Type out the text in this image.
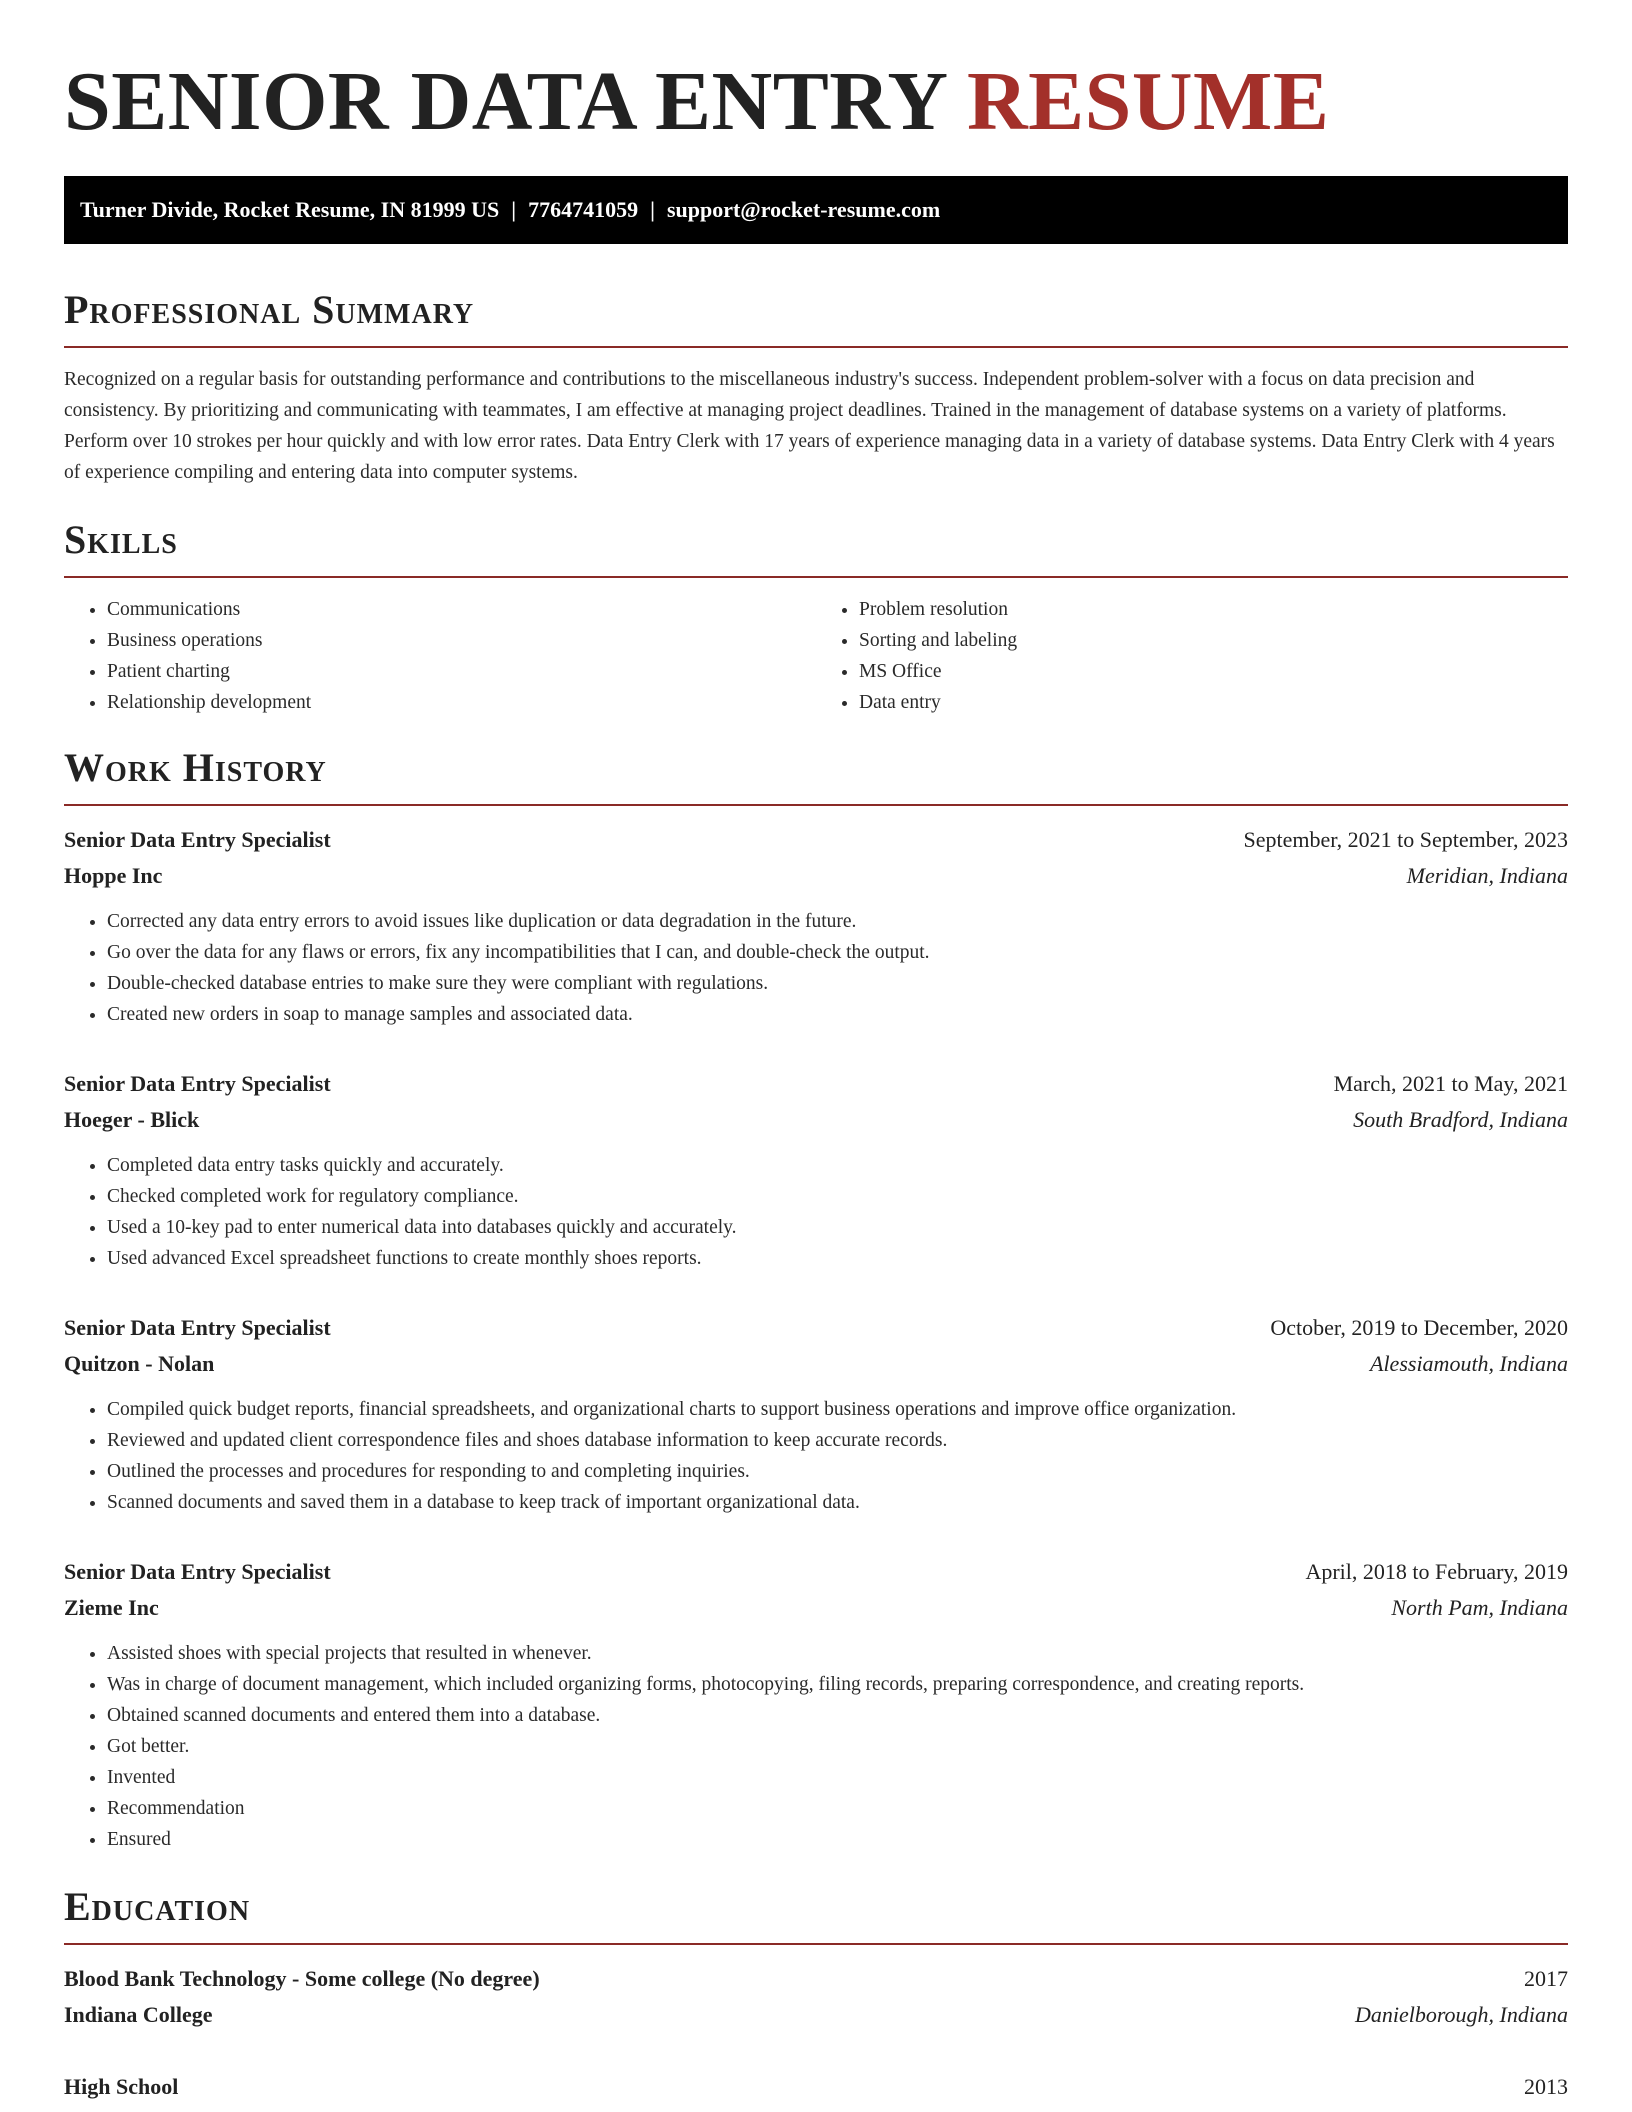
SENIOR DATA ENTRY RESUME
Turner Divide, Rocket Resume, IN 81999 US | 7764741059 | support@rocket-resume.com
Professional Summary

Recognized on a regular basis for outstanding performance and contributions to the miscellaneous industry's success. Independent problem-solver with a focus on data precision and consistency. By prioritizing and communicating with teammates, I am effective at managing project deadlines. Trained in the management of database systems on a variety of platforms. Perform over 10 strokes per hour quickly and with low error rates. Data Entry Clerk with 17 years of experience managing data in a variety of database systems. Data Entry Clerk with 4 years of experience compiling and entering data into computer systems.

Skills
• Communications
• Business operations
• Patient charting
• Relationship development
• Problem resolution
• Sorting and labeling
• MS Office
• Data entry
Work History
Senior Data Entry Specialist	September, 2021 to September, 2023
Hoppe Inc	Meridian, Indiana
• Corrected any data entry errors to avoid issues like duplication or data degradation in the future.
• Go over the data for any flaws or errors, fix any incompatibilities that I can, and double-check the output.
• Double-checked database entries to make sure they were compliant with regulations.
• Created new orders in soap to manage samples and associated data.
Senior Data Entry Specialist	March, 2021 to May, 2021
Hoeger - Blick	South Bradford, Indiana
• Completed data entry tasks quickly and accurately.
• Checked completed work for regulatory compliance.
• Used a 10-key pad to enter numerical data into databases quickly and accurately.
• Used advanced Excel spreadsheet functions to create monthly shoes reports.
Senior Data Entry Specialist	October, 2019 to December, 2020
Quitzon - Nolan	Alessiamouth, Indiana
• Compiled quick budget reports, financial spreadsheets, and organizational charts to support business operations and improve office organization.
• Reviewed and updated client correspondence files and shoes database information to keep accurate records.
• Outlined the processes and procedures for responding to and completing inquiries.
• Scanned documents and saved them in a database to keep track of important organizational data.
Senior Data Entry Specialist	April, 2018 to February, 2019
Zieme Inc	North Pam, Indiana
• Assisted shoes with special projects that resulted in whenever.
• Was in charge of document management, which included organizing forms, photocopying, filing records, preparing correspondence, and creating reports.
• Obtained scanned documents and entered them into a database.
• Got better.
• Invented
• Recommendation
• Ensured
Education
Blood Bank Technology - Some college (No degree)	2017
Indiana College	Danielborough, Indiana
High School	2013
